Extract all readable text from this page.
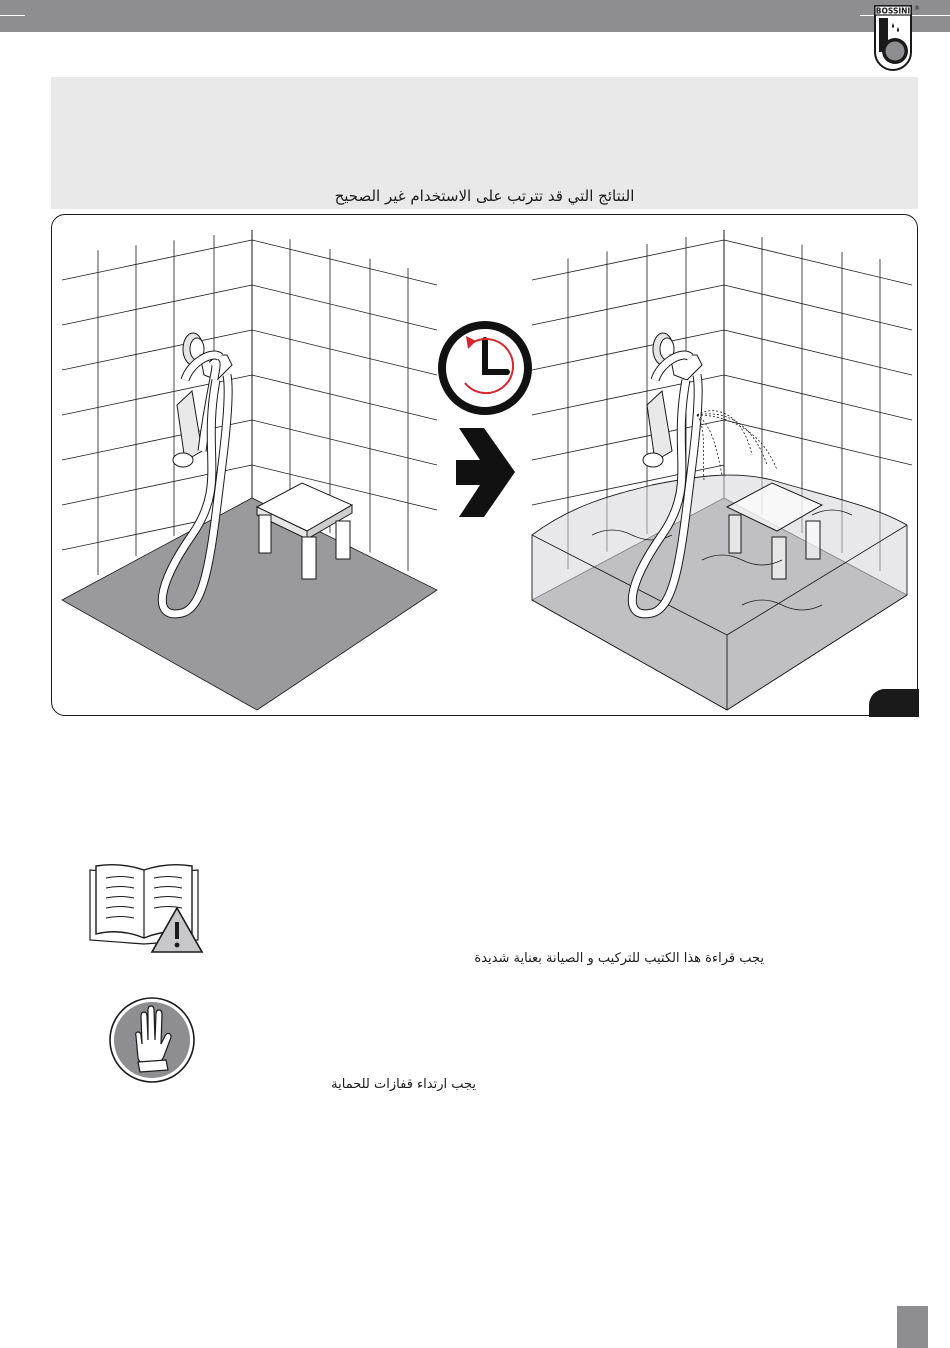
BOSSINI ®
النتائج التي قد تترتب على الاستخدام غير الصحيح
يجب قراءة هذا الكتيب للتركيب و الصيانة بعناية شديدة
يجب ارتداء قفازات للحماية
